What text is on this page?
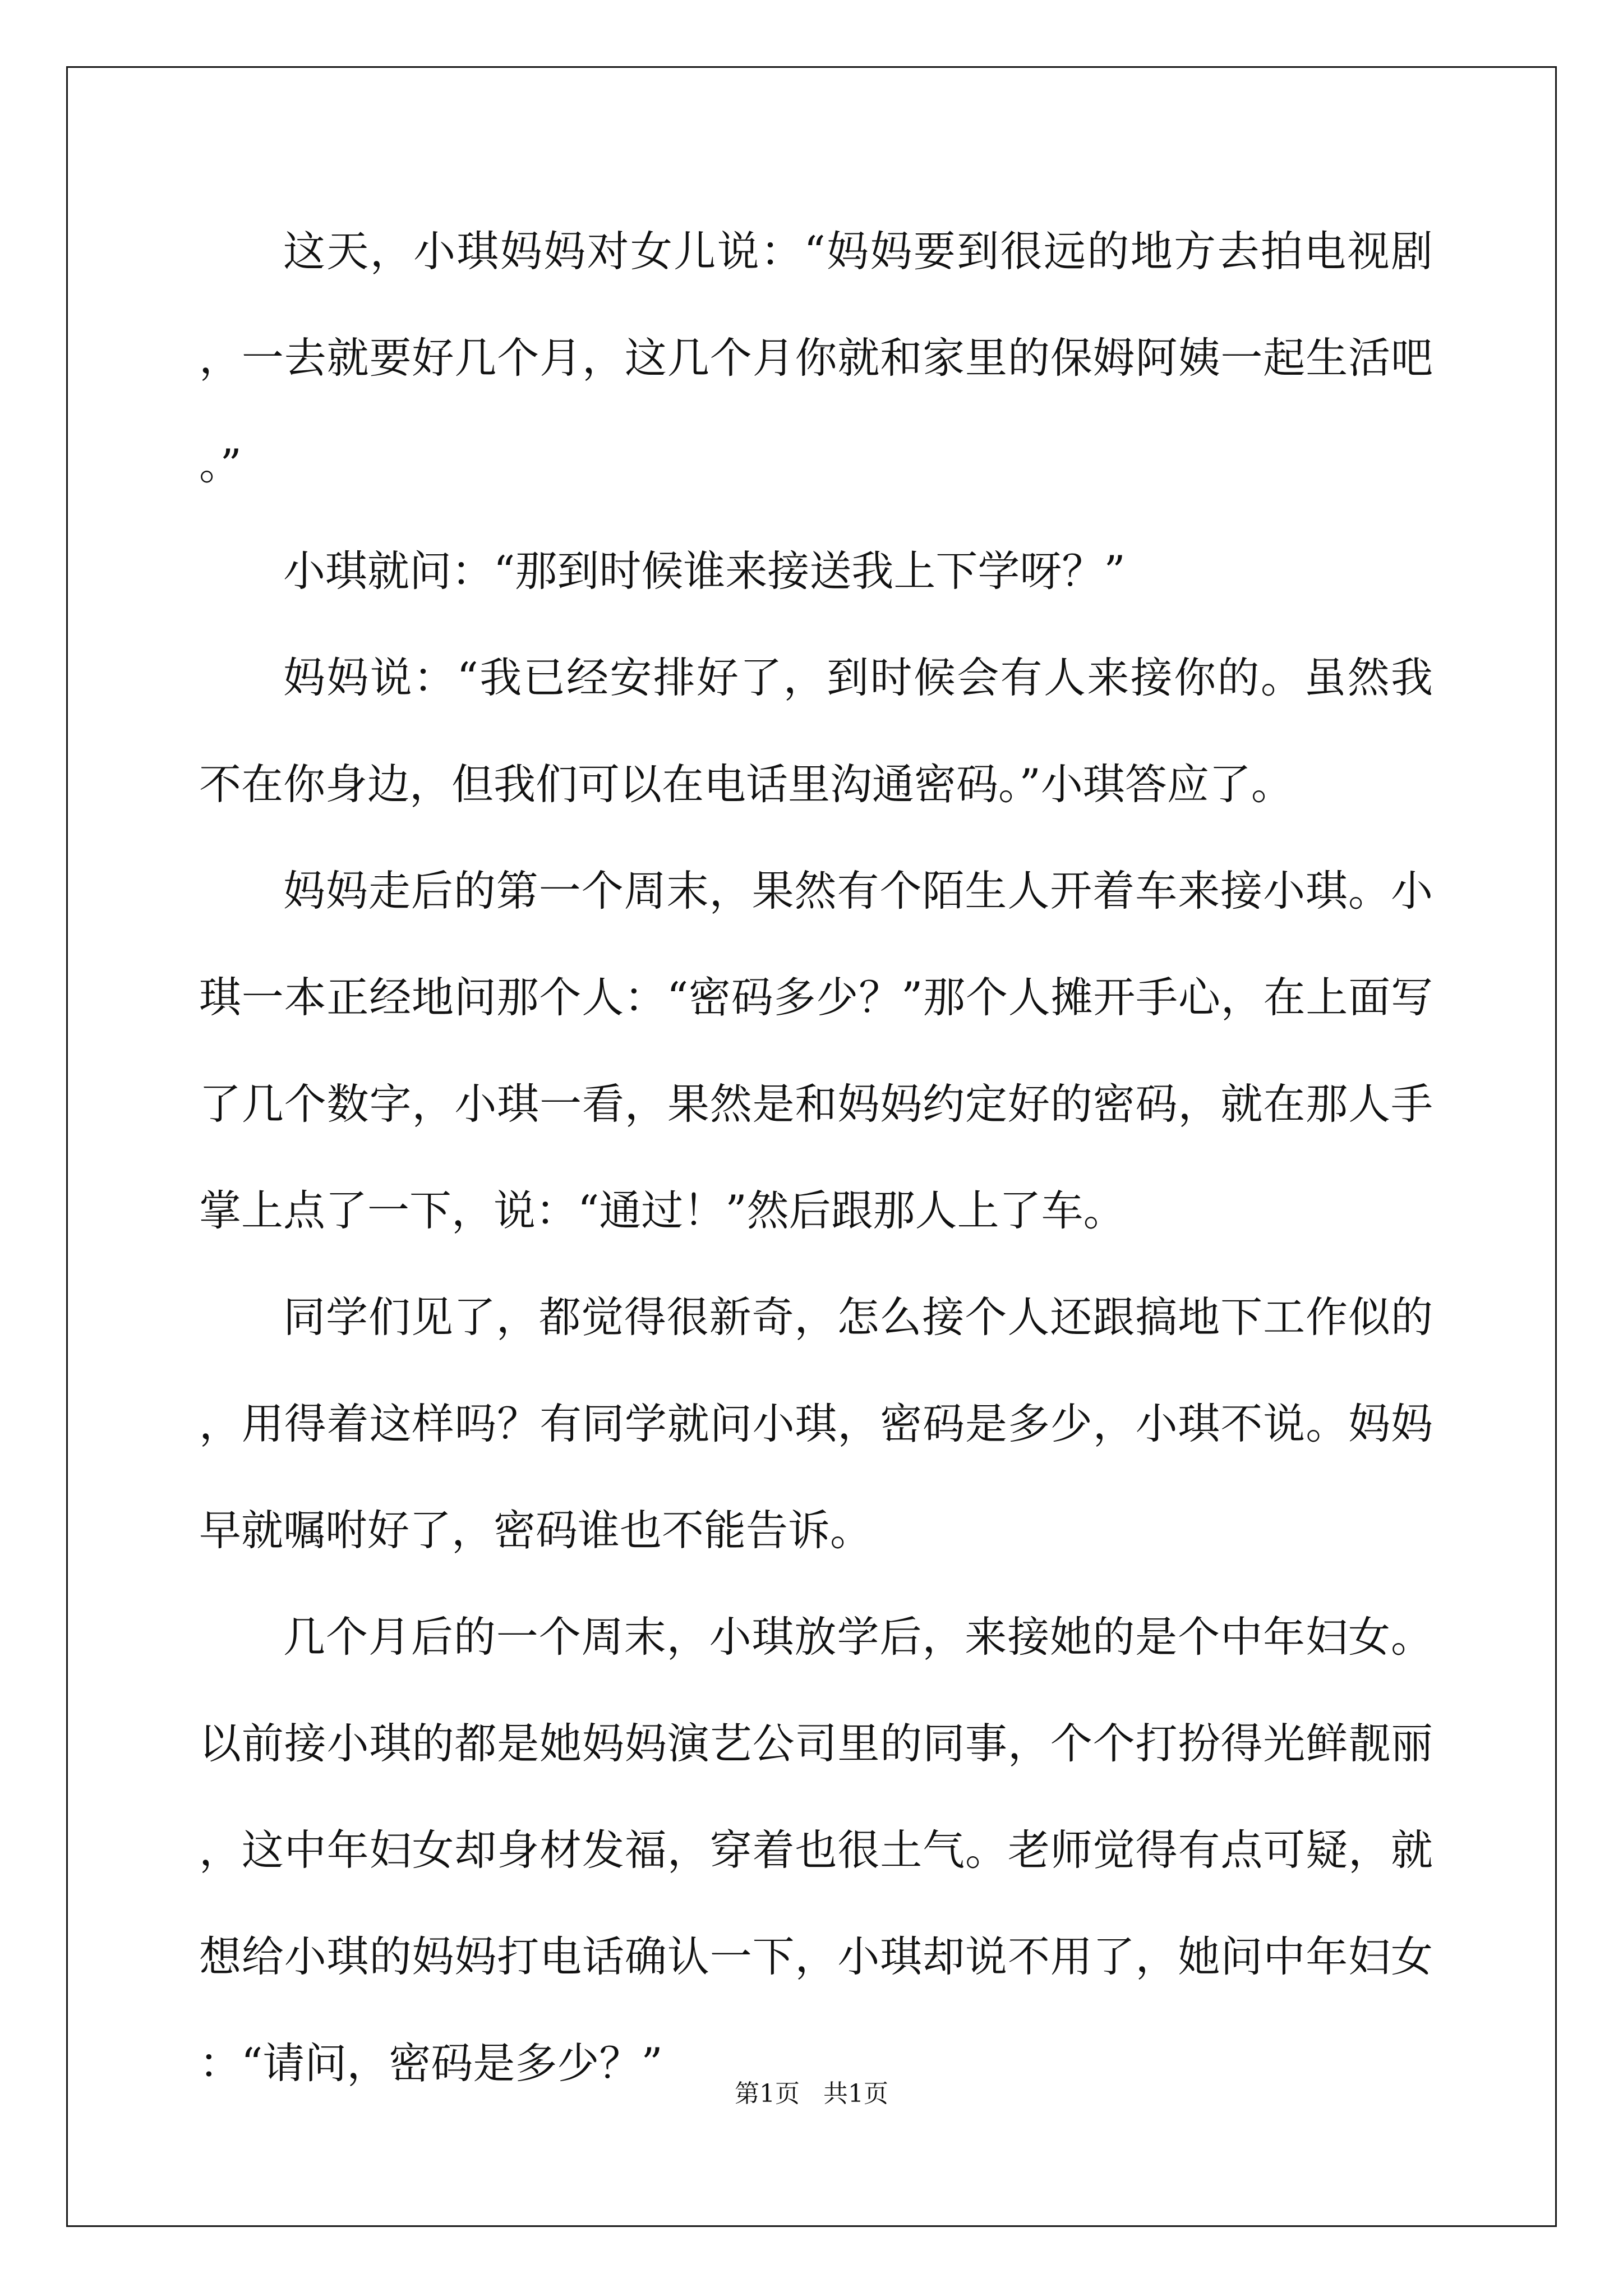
这天，小琪妈妈对女儿说：“妈妈要到很远的地方去拍电视剧，一去就要好几个月，这几个月你就和家里的保姆阿姨一起生活吧。”

小琪就问：“那到时候谁来接送我上下学呀？”

妈妈说：“我已经安排好了，到时候会有人来接你的。虽然我不在你身边，但我们可以在电话里沟通密码。”小琪答应了。

妈妈走后的第一个周末，果然有个陌生人开着车来接小琪。小琪一本正经地问那个人：“密码多少？”那个人摊开手心，在上面写了几个数字，小琪一看，果然是和妈妈约定好的密码，就在那人手掌上点了一下，说：“通过！”然后跟那人上了车。

同学们见了，都觉得很新奇，怎么接个人还跟搞地下工作似的，用得着这样吗？有同学就问小琪，密码是多少，小琪不说。妈妈早就嘱咐好了，密码谁也不能告诉。

几个月后的一个周末，小琪放学后，来接她的是个中年妇女。以前接小琪的都是她妈妈演艺公司里的同事，个个打扮得光鲜靓丽，这中年妇女却身材发福，穿着也很土气。老师觉得有点可疑，就想给小琪的妈妈打电话确认一下，小琪却说不用了，她问中年妇女：“请问，密码是多少？”

第1页   共1页
